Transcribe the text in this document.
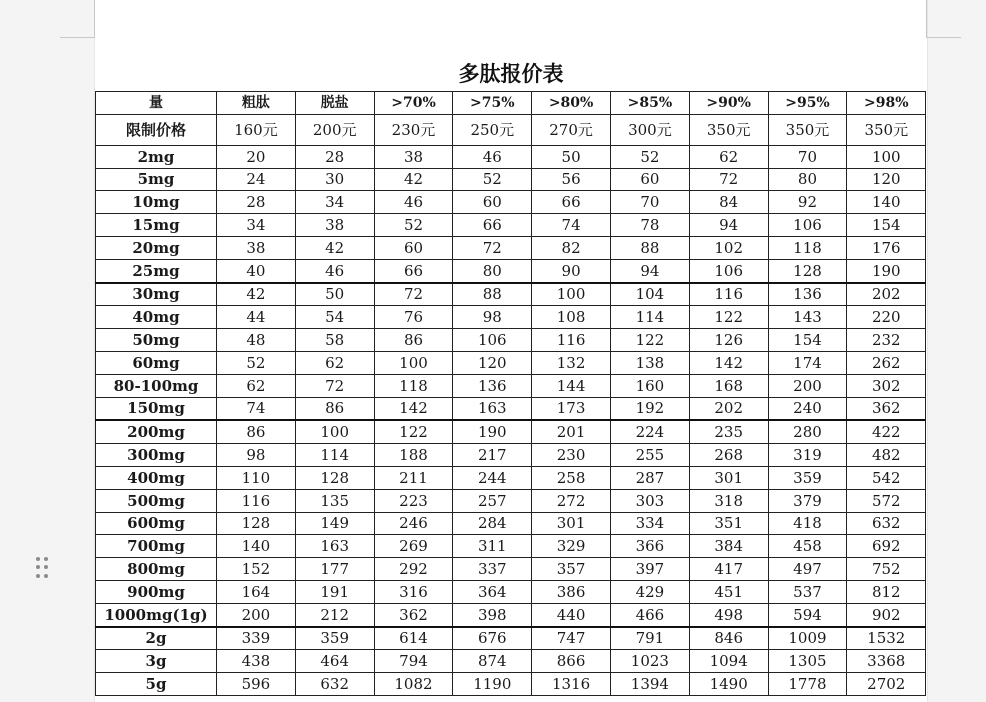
多肽报价表
量	粗肽	脱盐	>70%	>75%	>80%	>85%	>90%	>95%	>98%
限制价格	160元	200元	230元	250元	270元	300元	350元	350元	350元
2mg	20	28	38	46	50	52	62	70	100
5mg	24	30	42	52	56	60	72	80	120
10mg	28	34	46	60	66	70	84	92	140
15mg	34	38	52	66	74	78	94	106	154
20mg	38	42	60	72	82	88	102	118	176
25mg	40	46	66	80	90	94	106	128	190
30mg	42	50	72	88	100	104	116	136	202
40mg	44	54	76	98	108	114	122	143	220
50mg	48	58	86	106	116	122	126	154	232
60mg	52	62	100	120	132	138	142	174	262
80-100mg	62	72	118	136	144	160	168	200	302
150mg	74	86	142	163	173	192	202	240	362
200mg	86	100	122	190	201	224	235	280	422
300mg	98	114	188	217	230	255	268	319	482
400mg	110	128	211	244	258	287	301	359	542
500mg	116	135	223	257	272	303	318	379	572
600mg	128	149	246	284	301	334	351	418	632
700mg	140	163	269	311	329	366	384	458	692
800mg	152	177	292	337	357	397	417	497	752
900mg	164	191	316	364	386	429	451	537	812
1000mg(1g)	200	212	362	398	440	466	498	594	902
2g	339	359	614	676	747	791	846	1009	1532
3g	438	464	794	874	866	1023	1094	1305	3368
5g	596	632	1082	1190	1316	1394	1490	1778	2702
